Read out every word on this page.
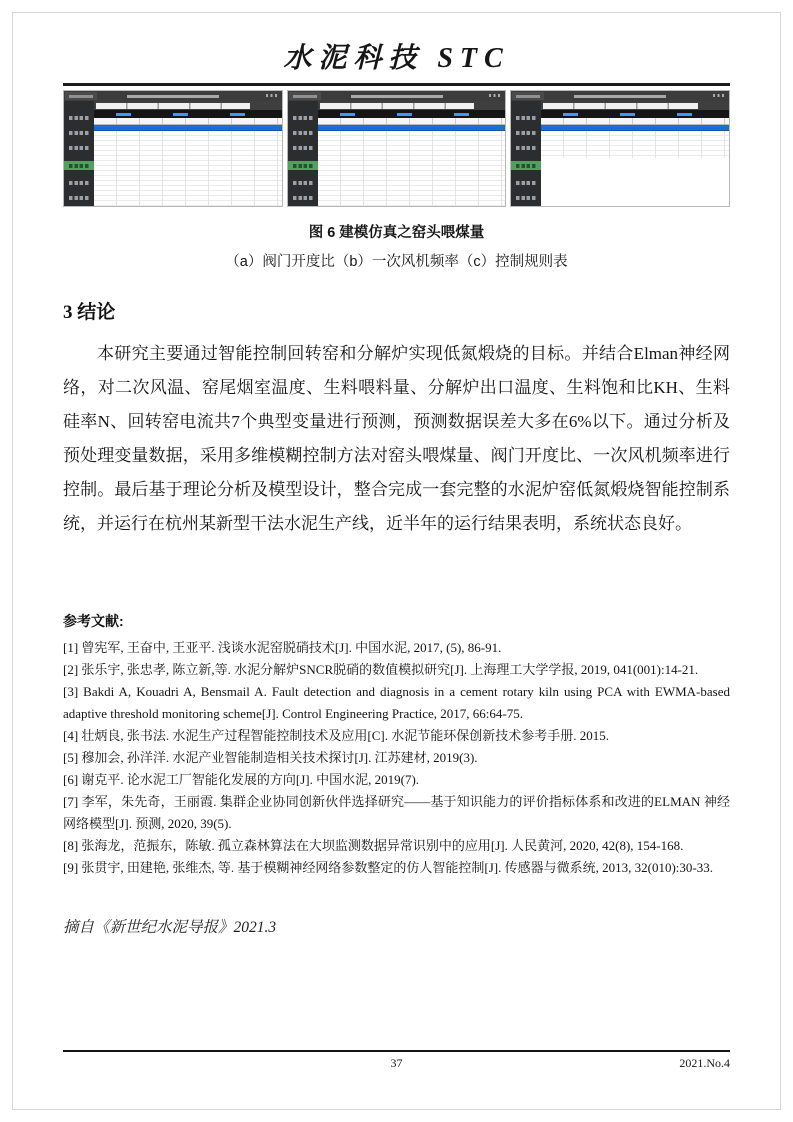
水泥科技 STC
图 6 建模仿真之窑头喂煤量
（a）阀门开度比（b）一次风机频率（c）控制规则表
3 结论

本研究主要通过智能控制回转窑和分解炉实现低氮煅烧的目标。并结合Elman神经网络，对二次风温、窑尾烟室温度、生料喂料量、分解炉出口温度、生料饱和比KH、生料硅率N、回转窑电流共7个典型变量进行预测，预测数据误差大多在6%以下。通过分析及预处理变量数据，采用多维模糊控制方法对窑头喂煤量、阀门开度比、一次风机频率进行控制。最后基于理论分析及模型设计，整合完成一套完整的水泥炉窑低氮煅烧智能控制系统，并运行在杭州某新型干法水泥生产线，近半年的运行结果表明，系统状态良好。

参考文献:
[1] 曾宪军, 王奋中, 王亚平. 浅谈水泥窑脱硝技术[J]. 中国水泥, 2017, (5), 86-91.
[2] 张乐宇, 张忠孝, 陈立新,等. 水泥分解炉SNCR脱硝的数值模拟研究[J]. 上海理工大学学报, 2019, 041(001):14-21.
[3] Bakdi A, Kouadri A, Bensmail A. Fault detection and diagnosis in a cement rotary kiln using PCA with EWMA-based adaptive threshold monitoring scheme[J]. Control Engineering Practice, 2017, 66:64-75.
[4] 壮炳良, 张书法. 水泥生产过程智能控制技术及应用[C]. 水泥节能环保创新技术参考手册. 2015.
[5] 穆加会, 孙洋洋. 水泥产业智能制造相关技术探讨[J]. 江苏建材, 2019(3).
[6] 谢克平. 论水泥工厂智能化发展的方向[J]. 中国水泥, 2019(7).
[7] 李军，朱先奇，王丽霞. 集群企业协同创新伙伴选择研究——基于知识能力的评价指标体系和改进的ELMAN 神经网络模型[J]. 预测, 2020, 39(5).
[8] 张海龙，范振东，陈敏. 孤立森林算法在大坝监测数据异常识别中的应用[J]. 人民黄河, 2020, 42(8), 154-168.
[9] 张贯宇, 田建艳, 张维杰, 等. 基于模糊神经网络参数整定的仿人智能控制[J]. 传感器与微系统, 2013, 32(010):30-33.
摘自《新世纪水泥导报》2021.3
37	2021.No.4
